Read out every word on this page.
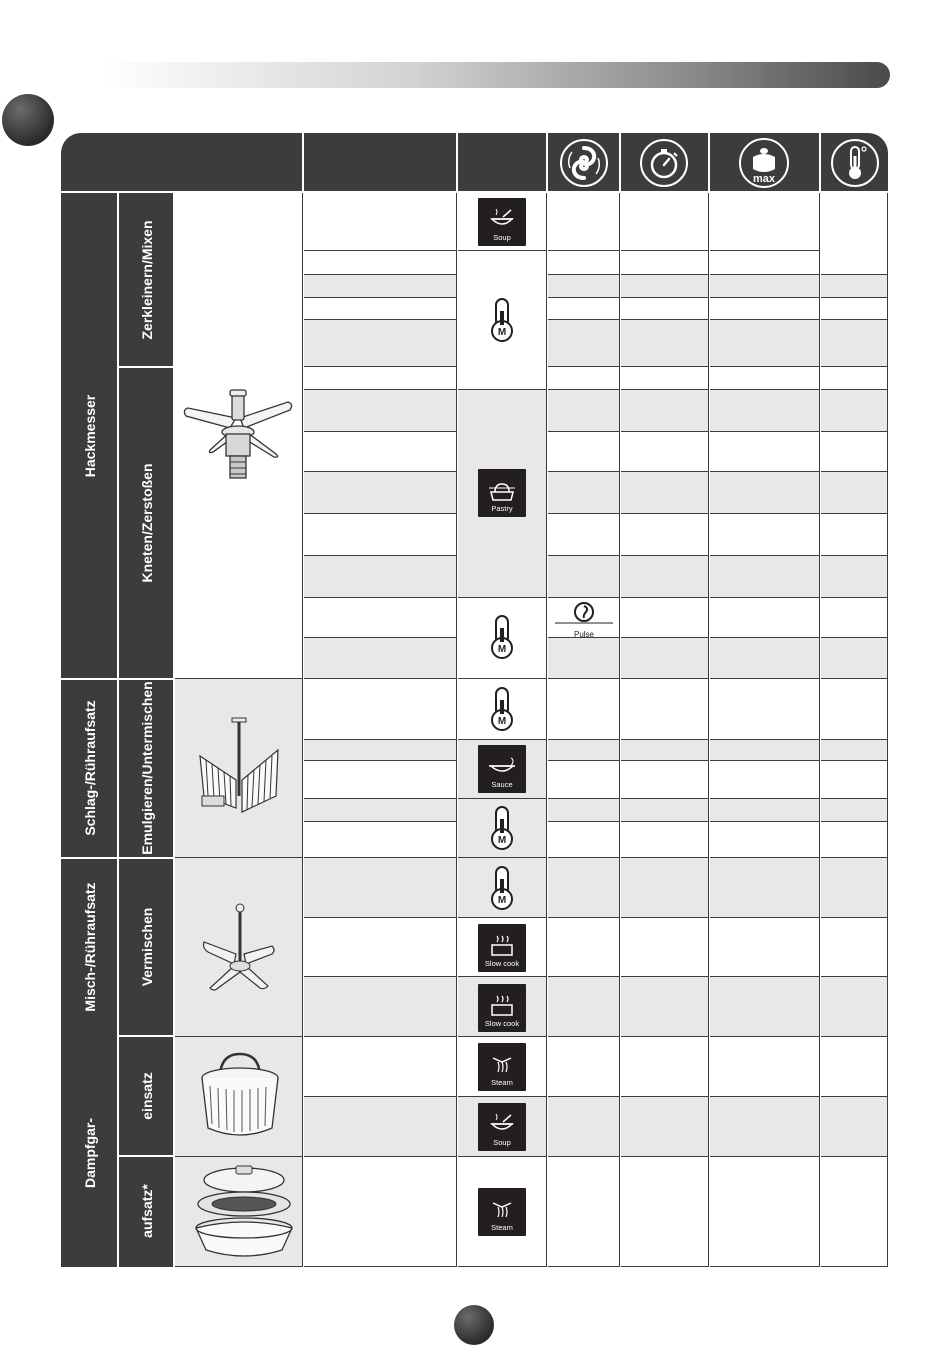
max
Hackmesser
Zerkleinern/Mixen
Kneten/Zerstoßen
Schlag-/Rühraufsatz	Emulgieren/Untermischen
Misch-/Rühraufsatz	Vermischen
Dampfgar-
einsatz
aufsatz*
Soup
Pastry
Sauce
Slow cook
Slow cook
Steam
Soup
Steam
M
M
M
M
M
Pulse
